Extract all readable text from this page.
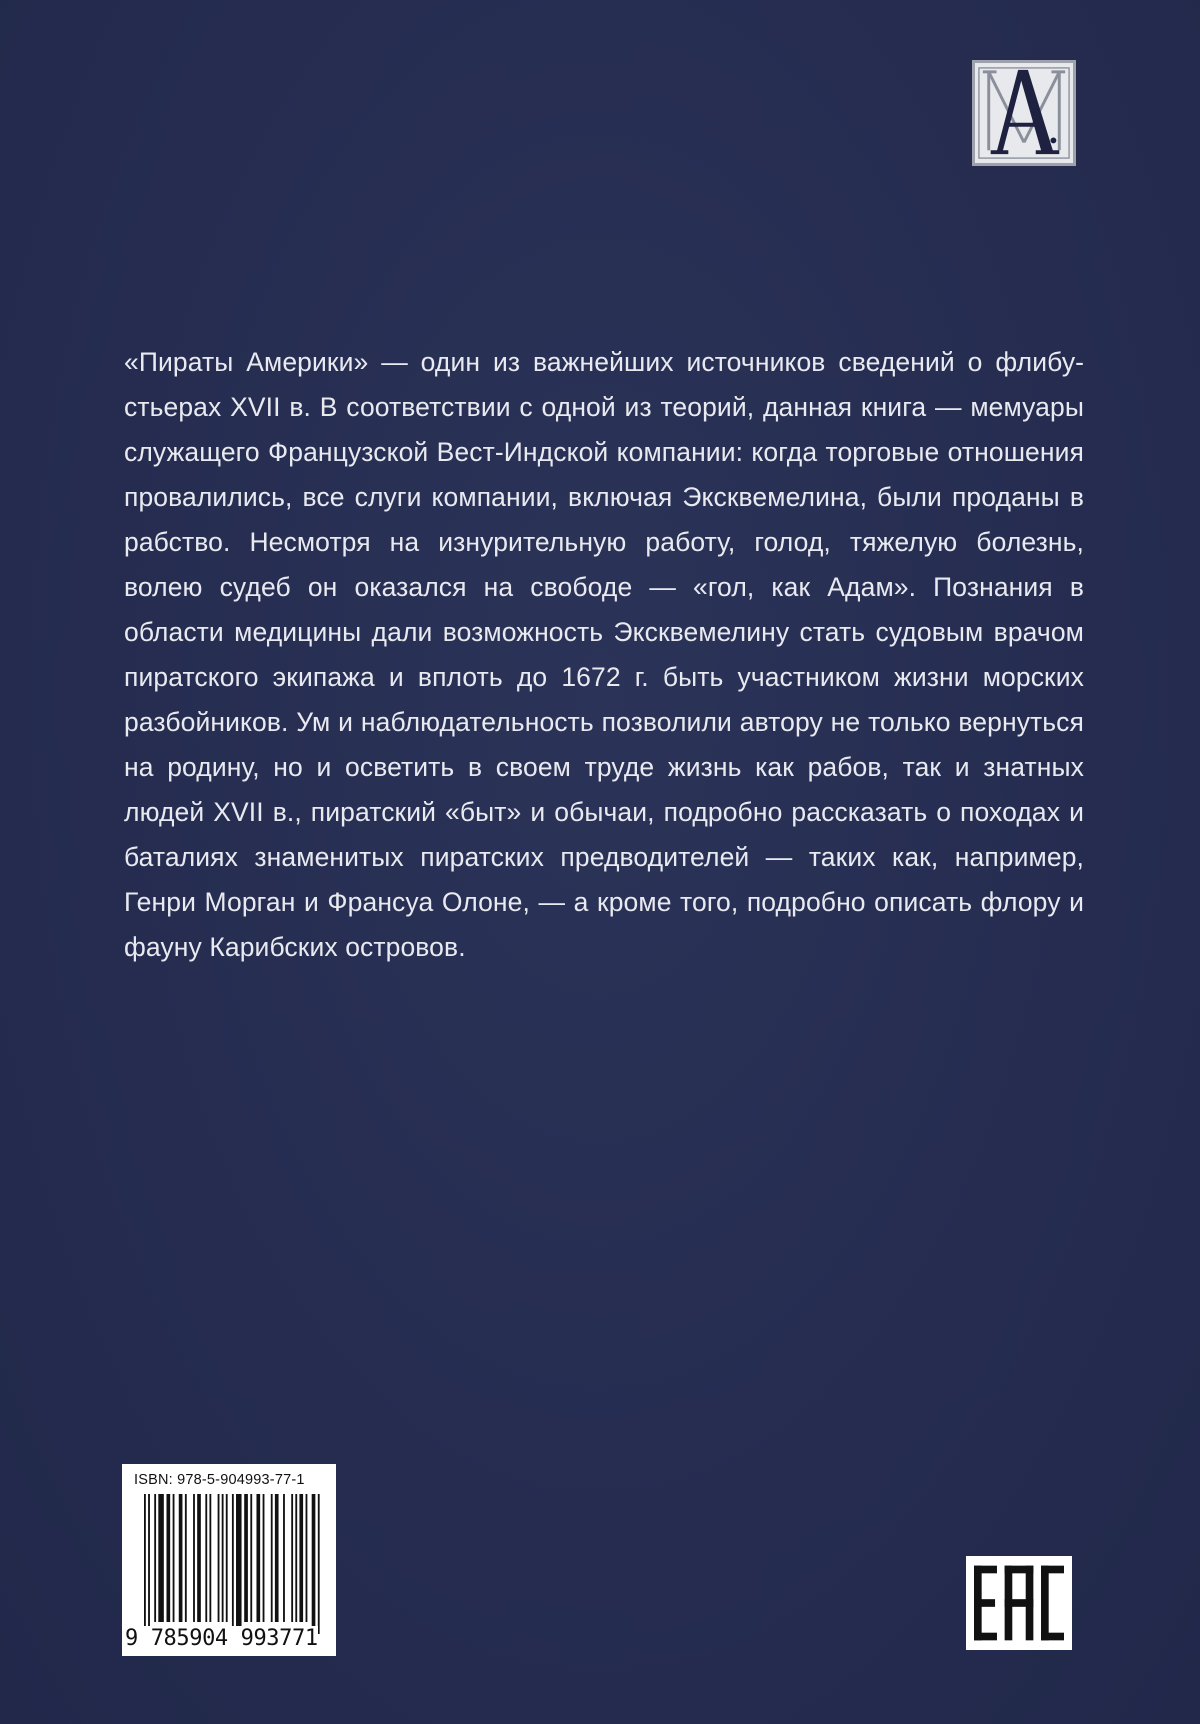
«Пираты Америки» — один из важнейших источников сведений о флибустьерах XVII в. В соответствии с одной из теорий, данная книга — мемуары служащего Французской Вест-Индской компании: когда торговые отношения провалились, все слуги компании, включая Эксквемелина, были проданы в рабство. Несмотря на изнурительную работу, голод, тяжелую болезнь, волею судеб он оказался на свободе — «гол, как Адам». Познания в области медицины дали возможность Эксквемелину стать судовым врачом пиратского экипажа и вплоть до 1672 г. быть участником жизни морских разбойников. Ум и наблюдательность позволили автору не только вернуться на родину, но и осветить в своем труде жизнь как рабов, так и знатных людей XVII в., пиратский «быт» и обычаи, подробно рассказать о походах и баталиях знаменитых пиратских предводителей — таких как, например, Генри Морган и Франсуа Олоне, — а кроме того, подробно описать флору и фауну Карибских островов.
ISBN: 978-5-904993-77-1
9 785904 993771
